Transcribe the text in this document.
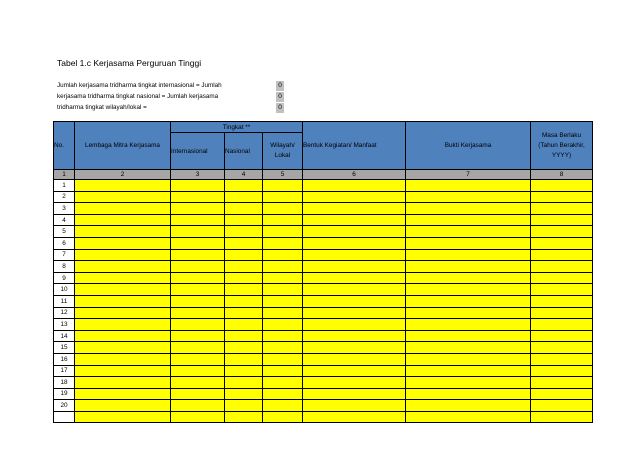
Tabel 1.c Kerjasama Perguruan Tinggi
Jumlah kerjasama tridharma tingkat internasional = Jumlah	0
kerjasama tridharma tingkat nasional = Jumlah kerjasama	0
tridharma tingkat wilayah/lokal =	0
No.	Lembaga Mitra Kerjasama	Tingkat **			Bentuk Kegiatan/ Manfaat	Bukti Kerjasama	Masa Berlaku
(Tahun Berakhir,
YYYY)

		Internasional	Nasional	Wilayah/
Lokal			

1	2	3	4	5	6	7	8
1							
2							
3							
4							
5							
6							
7							
8							
9							
10							
11							
12							
13							
14							
15							
16							
17							
18							
19							
20							
